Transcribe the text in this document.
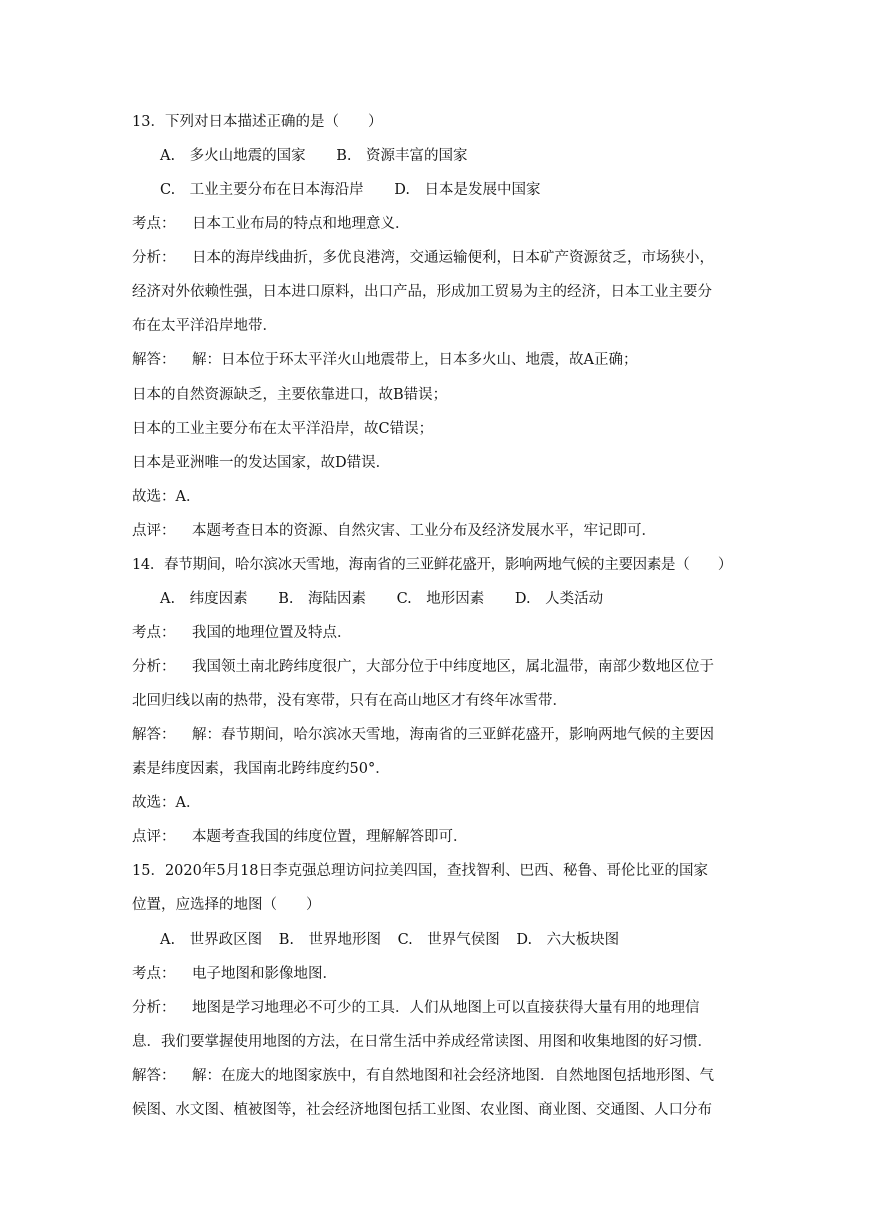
13．下列对日本描述正确的是（　　）
A.　多火山地震的国家 B.　资源丰富的国家
C.　工业主要分布在日本海沿岸 D.　日本是发展中国家
考点： 日本工业布局的特点和地理意义．
分析： 日本的海岸线曲折，多优良港湾，交通运输便利，日本矿产资源贫乏，市场狭小，
经济对外依赖性强，日本进口原料，出口产品，形成加工贸易为主的经济，日本工业主要分
布在太平洋沿岸地带．
解答： 解：日本位于环太平洋火山地震带上，日本多火山、地震，故A正确；
日本的自然资源缺乏，主要依靠进口，故B错误；
日本的工业主要分布在太平洋沿岸，故C错误；
日本是亚洲唯一的发达国家，故D错误．
故选：A．
点评： 本题考查日本的资源、自然灾害、工业分布及经济发展水平，牢记即可．
14．春节期间，哈尔滨冰天雪地，海南省的三亚鲜花盛开，影响两地气候的主要因素是（　　）
A.　纬度因素 B.　海陆因素 C.　地形因素 D.　人类活动
考点： 我国的地理位置及特点．
分析： 我国领土南北跨纬度很广，大部分位于中纬度地区，属北温带，南部少数地区位于
北回归线以南的热带，没有寒带，只有在高山地区才有终年冰雪带．
解答： 解：春节期间，哈尔滨冰天雪地，海南省的三亚鲜花盛开，影响两地气候的主要因
素是纬度因素，我国南北跨纬度约50°．
故选：A．
点评： 本题考查我国的纬度位置，理解解答即可．
15．2020年5月18日李克强总理访问拉美四国，查找智利、巴西、秘鲁、哥伦比亚的国家
位置，应选择的地图（　　）
A.　世界政区图 B.　世界地形图 C.　世界气侯图 D.　六大板块图
考点： 电子地图和影像地图．
分析： 地图是学习地理必不可少的工具．人们从地图上可以直接获得大量有用的地理信
息．我们要掌握使用地图的方法，在日常生活中养成经常读图、用图和收集地图的好习惯．
解答： 解：在庞大的地图家族中，有自然地图和社会经济地图．自然地图包括地形图、气
候图、水文图、植被图等，社会经济地图包括工业图、农业图、商业图、交通图、人口分布
